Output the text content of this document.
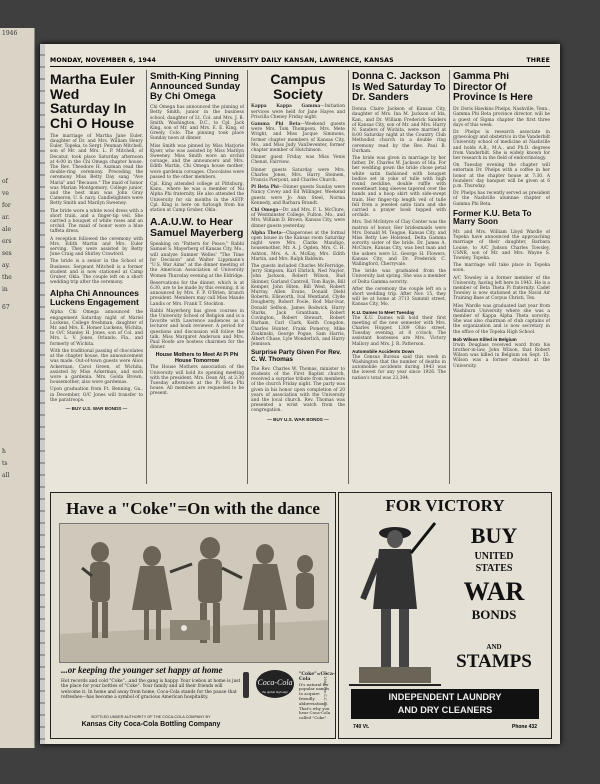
1946
of
ve
for
ar.
ale
ers
ses
ay.
the
in
67
h
ts
all
MONDAY, NOVEMBER 6, 1944	UNIVERSITY DAILY KANSAN, LAWRENCE, KANSAS	THREE
Martha Euler Wed Saturday In Chi O House

The marriage of Martha Jane Euler, daughter of Dr. and Mrs. William Henry Euler, Topeka, to Sergt. Penman Mitchell, son of Mr. and Mrs. L. P. Mitchell, of Decatur, took place Saturday afternoon at 4:00 in the Chi Omega chapter house. The Rev. Theodore H. Aszman read the double-ring ceremony. Preceding the ceremony Miss Betty Day sang "Ave Maria" and "Because." The maid of honor was Marian Montgomery, College junior, and the best man was John Gray Cameron, U. S. navy. Candlelighters were Betty Smith and Marilyn Sweeney.

The bride wore a white wool dress with a short train, and a finger-tip veil. She carried a bouquet of white roses and an orchid. The maid of honor wore a blue taffeta dress.

A reception followed the ceremony with Mrs. Edith Martin and Mrs. Euler serving. They were assisted by Betty June Craig and Shirley Crawford.

The bride is a senior in the School of Business. Sergeant Mitchell is a former student and is now stationed at Camp Gruber, Okla. The couple left on a short wedding trip after the ceremony.

Alpha Chi Announces Luckens Engagement

Alpha Chi Omega announced the engagement Saturday night of Mariel Luckens, College freshman, daughter of Mr. and Mrs. E. Homer Luckens, Wichita, to O/C Stanley H. Jones, son of Col. and Mrs. L. V. Jones, Orlando, Fla., and formerly of Wichita.

With the traditional passing of chocolates at the chapter house, the announcement was made. Out-of-town guests were Alice Ackerman, Carol Green, of Wichita, assisted by Miss Ackerman, and each wore a gardenia. Mrs. Golda Brown, housemother, also wore gardenias.

Upon graduation from Ft. Benning, Ga., in December, O/C Jones will transfer to the paratroops.

— BUY U.S. WAR BONDS —
Smith-King Pinning Announced Sunday By Chi Omega

Chi Omega has announced the pinning of Betty Smith, junior in the business school, daughter of Lt. Col. and Mrs. J. B. Smith, Washington, D.C., to Cpl. Jack King, son of Mr. and Mrs. E. E. King, of Greely, Colo. The pinning took place Sunday noon at dinner.

Miss Smith was pinned by Miss Marjorie Kyser, who was assisted by Miss Marilyn Sweeney. Miss Smith wore an orchid corsage, and the announcers and Mrs. Edith Martin, Chi Omega house mother, wore gardenia corsages. Chocolates were passed to the other members.

Cpl. King attended college at Pittsburg, Kans., where he was a member of Nu Alpha Phi fraternity. He also attended the University for six months in the ASTP. Cpl. King is here on furlough from his station at Camp Gruber, Okla.

A.A.U.W. to Hear Samuel Mayerberg

Speaking on "Pattern for Peace," Rabbi Samuel S. Mayerberg of Kansas City, Mo., will analyze Sumner Welles' "The Time for Decision" and Walter Lippmann's "U.S. War Aims" at the dinner meeting of the American Association of University Women Thursday evening at the Eldridge.

Reservations for the dinner, which is at 6:30, are to be made by this evening, it is announced by Mrs. F. P. O'Brien, branch president. Members may call Miss Maude Landis or Mrs. Frank T. Stockton.

Rabbi Mayerberg has given courses in the University School of Religion and is a favorite with Lawrence audiences as a lecturer and book reviewer. A period for questions and discussion will follow the talk. Miss Margaret Anderson and Mrs. Paul Roofe are hostess chairmen for the dinner.

House Mothers to Meet At Pi Phi House Tomorrow

The House Mothers association of the University will hold its opening meeting with the president, Mrs. Dean Alt, at 2:30 Tuesday afternoon at the Pi Beta Phi house. All members are requested to be present.

Campus Society

Kappa Kappa Gamma—Initiation services were held for Jane Hayes and Priscilla Cheney Friday night.

Gamma Phi Beta—Weekend guests were Mrs. Tom Thompson, Mrs. Mete Wright, and Miss Jacque Simmons, former chapter members of Kansas City, Mo., and Miss Judy VanDeventer, former chapter member of Hutchinson.

Dinner guest Friday was Miss Venis Chenat, Fairview.

Dinner guests Saturday were Mrs. Charles Jones, Mrs. Harry Steinem, Francis Pierpont, and Charles Church.

Pi Beta Phi—Dinner guests Sunday were Nancy Covey and Ed Willinger. Weekend guests were Jo Ann Steel, Norma Kennedy, and Barbara Brandt.

Chi Omega—Dr. and Mrs. F. L. McClure, of Westminster College, Fulton, Mo., and Mrs. William D. Brown, Kansas City, were dinner guests yesterday.

Alpha Theta—Chaperones at the formal open house in the Kansas room Saturday night were Mrs. Clarke Mandigo, housemother, Mr. A. J. Ogden, Mrs. C. H. Ashton, Mrs. A. A. McKay, Mrs. Edith Martin, and Mrs. Ralph Baldwin.

The guests included Charles McFerridge, Jerry Simpson, Karl Ehrlich, Ned Naylor, John Jackson, Robert Wilson, Bud Skinner, Garland Cantrell, Tom Bayle, Bill Kemper, John Hiten, Bill West, Robert Murray, Allen Evans, Donald Diehl Roberts, Ellsworth, Ival Wentland, Clyde Dougherty, Robert Poole, Rod Mar-Ivar, Donald Selfson, James Rodwick, Harry Starks, Jack Grantham, Robert Covington, Robert Stewart, Robert Barham, Carl Clark, Keith Congdon, Charles Hunter, Frank Pomeroy, Mike Zoukinski, George Pogue, Sam Harris, Albert Chase, Lyle Wonderlich, and Harry Jennison.

Surprise Party Given For Rev. C. W. Thomas

The Rev. Charles W. Thomas, minister to students of the First Baptist church, received a surprise tribute from members of the church Friday night. The party was given in his honor upon completion of 20 years of association with the University and the local church. Rev. Thomas was presented a wrist watch from the congregation.

— BUY U.S. WAR BONDS —
Donna C. Jackson Is Wed Saturday To Dr. Sanders

Donna Claire Jackson of Kansas City, daughter of Mrs. Ina M. Jackson of Ida, Kan., and Dr. William Frederick Sanders of Kansas City, son of Mr. and Mrs. Harry N. Sanders of Wichita, were married at 8:00 Saturday night at the Country Club Methodist church in a double ring ceremony read by the Rev. Paul B. Durham.

The bride was given in marriage by her father, Dr. Charles W. Jackson of Ida. For her wedding gown the bride chose petal white satin fashioned with bouquet bodice set in yoke of tulle with high round neckline, double ruffle with sweetheart long sleeves tapered over the hands and a hoop skirt with side-swept train. Her finger-tip length veil of tulle fell from a jeweled satin tiara and she carried a prayer book topped with orchids.

Mrs. Ted McIntyre of Clay Center was the matron of honor. Her bridesmaids were Mrs. Donald M. Teague, Kansas City, and Miss Betty Lee Holstead, Delta Gamma sorority sister of the bride. Dr. James A. McClure, Kansas City, was best man and the ushers were Lt. George H. Flowers, Kansas City, and Dr. Frederick C. Wallingford, Cherryvale.

The bride was graduated from the University last spring. She was a member of Delta Gamma sorority.

After the ceremony the couple left on a short wedding trip. After Nov. 15, they will be at home at 3713 Summit street, Kansas City, Mo.

K.U. Dames to Meet Tuesday

The K.U. Dames will hold their first meeting of the new semester with Mrs. Charles Hopper, 1309 Ohio street, Tuesday evening, at 8 o'clock. The assistant hostesses are Mrs. Victory Mallory and Mrs. J. R. Patterson.

Automobile Accidents Down

The Census Bureau said this week in Washington that the number of deaths in automobile accidents during 1943 was the lowest for any year since 1926. The nation's total was 23,394.

Gamma Phi Director Of Province Is Here

Dr. Doris Hawkins Phelps, Nashville, Tenn., Gamma Phi Beta province director, will be a guest of Sigma chapter the first three days of this week.

Dr. Phelps is research associate in gynecology and obstetrics in the Vanderbilt University school of medicine at Nashville and holds A.B., M.A., and Ph.D. degrees from Vanderbilt. She is widely known for her research in the field of endocrinology.

On Tuesday evening the chapter will entertain Dr. Phelps with a coffee in her honor at the chapter house at 7:30. A founders' day banquet will be given at 6 p.m. Thursday.

Dr. Phelps has recently served as president of the Nashville alumnae chapter of Gamma Phi Beta.

Former K.U. Beta To Marry Soon

Mr. and Mrs. William Lloyd Wardle of Topeka have announced the approaching marriage of their daughter, Barbara Louise, to A/C Judson Charles Towsley, USNR, son of Mr. and Mrs. Wayne S. Towsley, Topeka.

The marriage will take place in Topeka soon.

A/C Towsley is a former member of the University, having left here in 1943. He is a member of Beta Theta Pi fraternity. Cadet Towsley is now stationed at the Naval Air Training Base at Corpus Christi, Tex.

Miss Wardle was graduated last year from Washburn University where she was a member of Kappa Alpha Theta sorority. She was also chairman of club captains of the organization and is now secretary in the office of the Topeka High School.

Bob Wilson Killed in Belgium

Irwin Douglass received word from his brother-in-law, John Wilson, that Robert Wilson was killed in Belgium on Sept. 15. Wilson was a former student at the University.

Have a "Coke"=On with the dance
...or keeping the younger set happy at home
Hot records and cold "Coke"...and the gang is happy. Your icebox at home is just the place for your bottles of "Coke". Your family and all their friends will welcome it. In home and away from home, Coca-Cola stands for the pause that refreshes—has become a symbol of gracious American hospitality.
BOTTLED UNDER AUTHORITY OF THE COCA-COLA COMPANY BY
Kansas City Coca-Cola Bottling Company
Coca-Cola
the global high-sign
"Coke"=Coca-Cola
It's natural for popular names to acquire friendly abbreviations. That's why you hear Coca-Cola called "Coke".
© 1944 The C-C Co.
FOR VICTORY
BUY
UNITED
STATES
WAR
BONDS
AND
STAMPS
INDEPENDENT LAUNDRY
AND DRY CLEANERS
740 Vt.	Phone 432
